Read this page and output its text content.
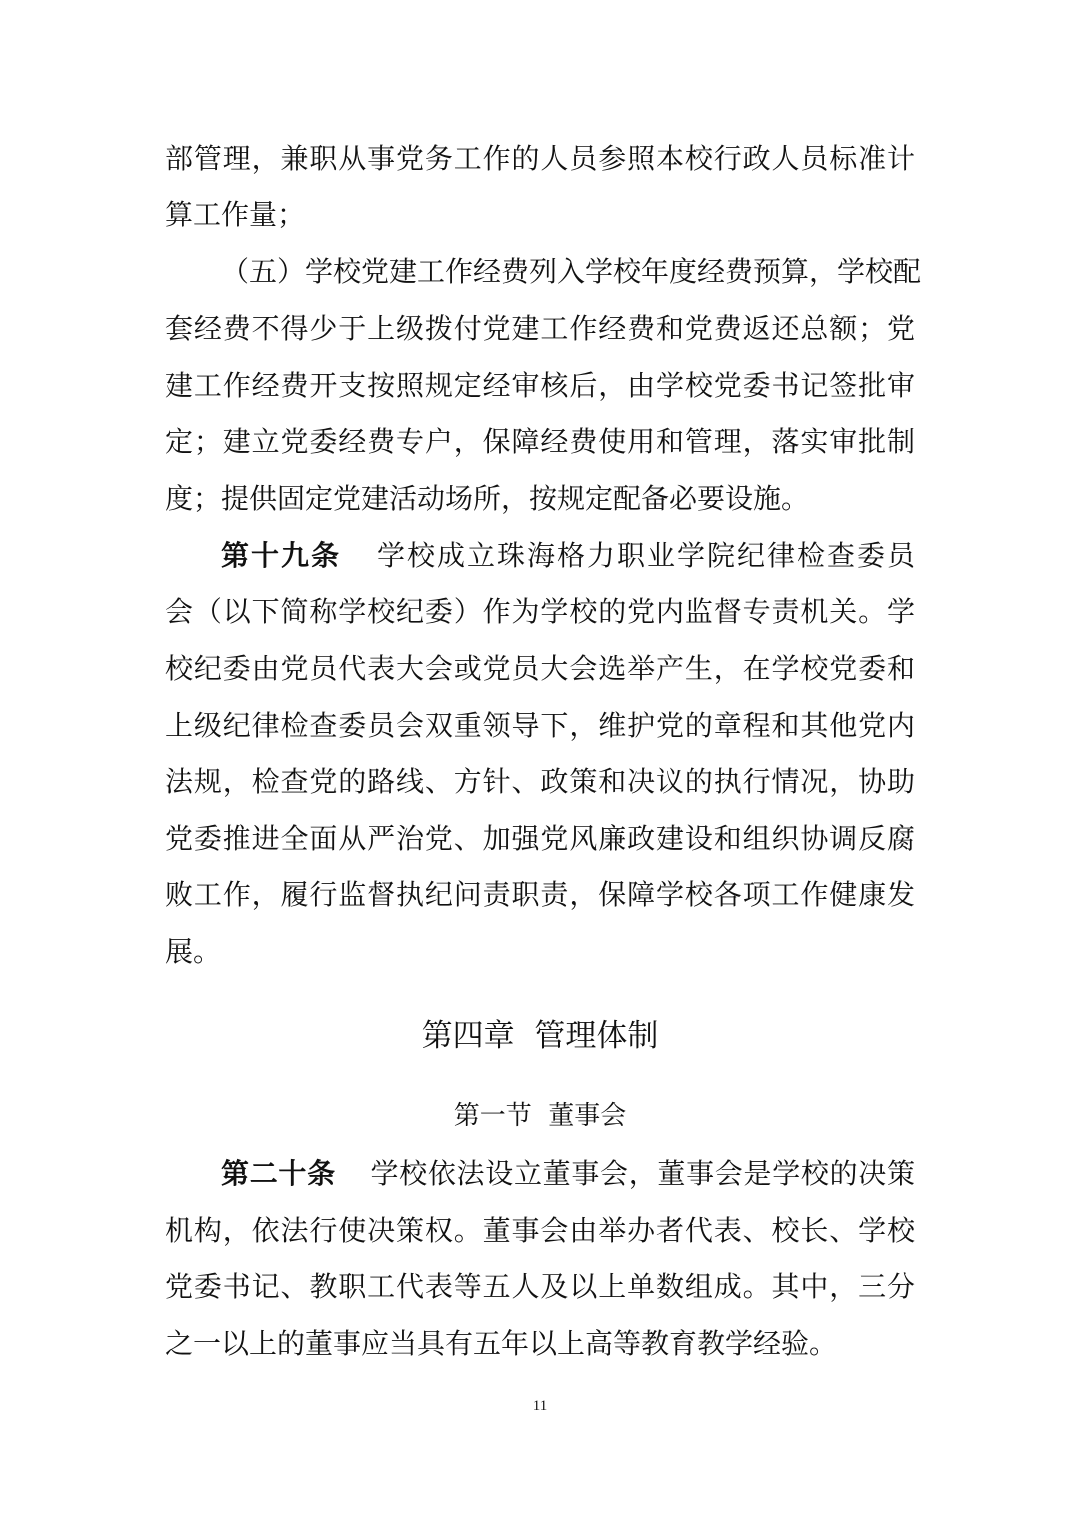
部管理，兼职从事党务工作的人员参照本校行政人员标准计
算工作量；
（五）学校党建工作经费列入学校年度经费预算，学校配
套经费不得少于上级拨付党建工作经费和党费返还总额；党
建工作经费开支按照规定经审核后，由学校党委书记签批审
定；建立党委经费专户，保障经费使用和管理，落实审批制
度；提供固定党建活动场所，按规定配备必要设施。
第十九条 学校成立珠海格力职业学院纪律检查委员
会（以下简称学校纪委）作为学校的党内监督专责机关。学
校纪委由党员代表大会或党员大会选举产生，在学校党委和
上级纪律检查委员会双重领导下，维护党的章程和其他党内
法规，检查党的路线、方针、政策和决议的执行情况，协助
党委推进全面从严治党、加强党风廉政建设和组织协调反腐
败工作，履行监督执纪问责职责，保障学校各项工作健康发
展。
第四章  管理体制
第一节  董事会
第二十条 学校依法设立董事会，董事会是学校的决策
机构，依法行使决策权。董事会由举办者代表、校长、学校
党委书记、教职工代表等五人及以上单数组成。其中，三分
之一以上的董事应当具有五年以上高等教育教学经验。
11
